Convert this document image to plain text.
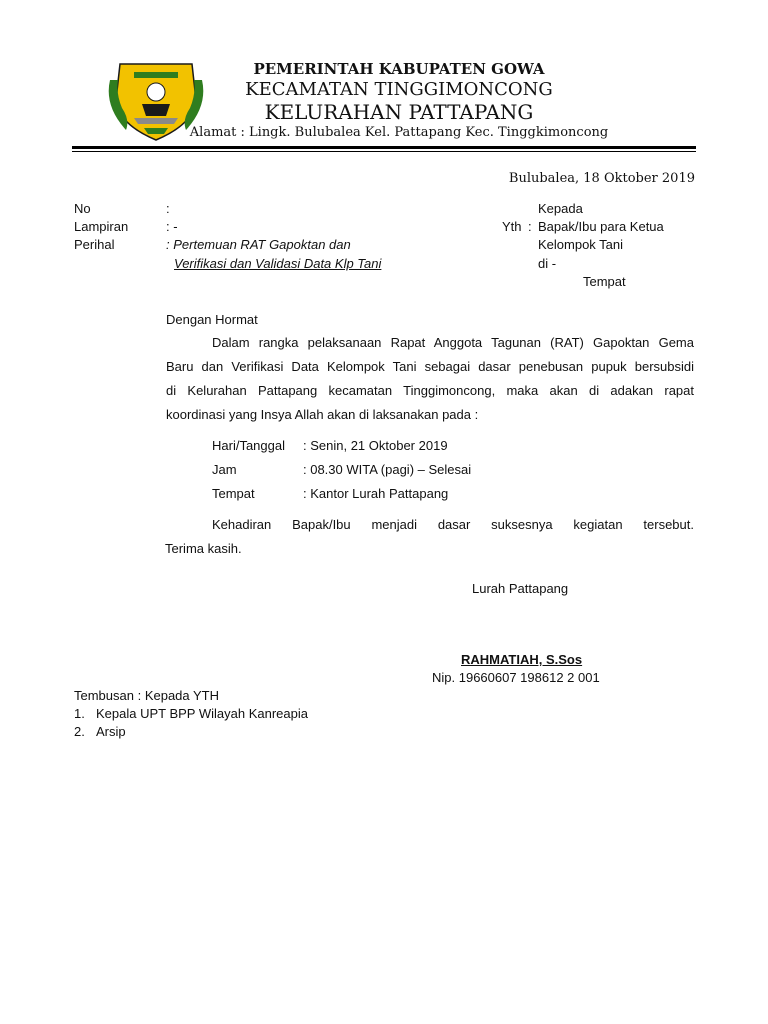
PEMERINTAH KABUPATEN GOWA
KECAMATAN TINGGIMONCONG
KELURAHAN PATTAPANG
Alamat : Lingk. Bulubalea Kel. Pattapang Kec. Tinggkimoncong
Bulubalea, 18 Oktober 2019
No	:
Lampiran	: -
Perihal	: Pertemuan RAT Gapoktan dan
Verifikasi dan Validasi Data Klp Tani
Kepada
Yth : Bapak/Ibu para Ketua
Kelompok Tani
di -
Tempat
Dengan Hormat
Dalam rangka pelaksanaan Rapat Anggota Tagunan (RAT) Gapoktan Gema
Baru dan Verifikasi Data Kelompok Tani sebagai dasar penebusan pupuk bersubsidi
di Kelurahan Pattapang kecamatan Tinggimoncong, maka akan di adakan rapat
koordinasi yang Insya Allah akan di laksanakan pada :
Hari/Tanggal : Senin, 21 Oktober 2019
Jam	: 08.30 WITA (pagi) – Selesai
Tempat	: Kantor Lurah Pattapang
Kehadiran Bapak/Ibu menjadi dasar suksesnya kegiatan tersebut.
Terima kasih.
Lurah Pattapang
RAHMATIAH, S.Sos
Nip. 19660607 198612 2 001
Tembusan : Kepada YTH
1. Kepala UPT BPP Wilayah Kanreapia
2. Arsip
